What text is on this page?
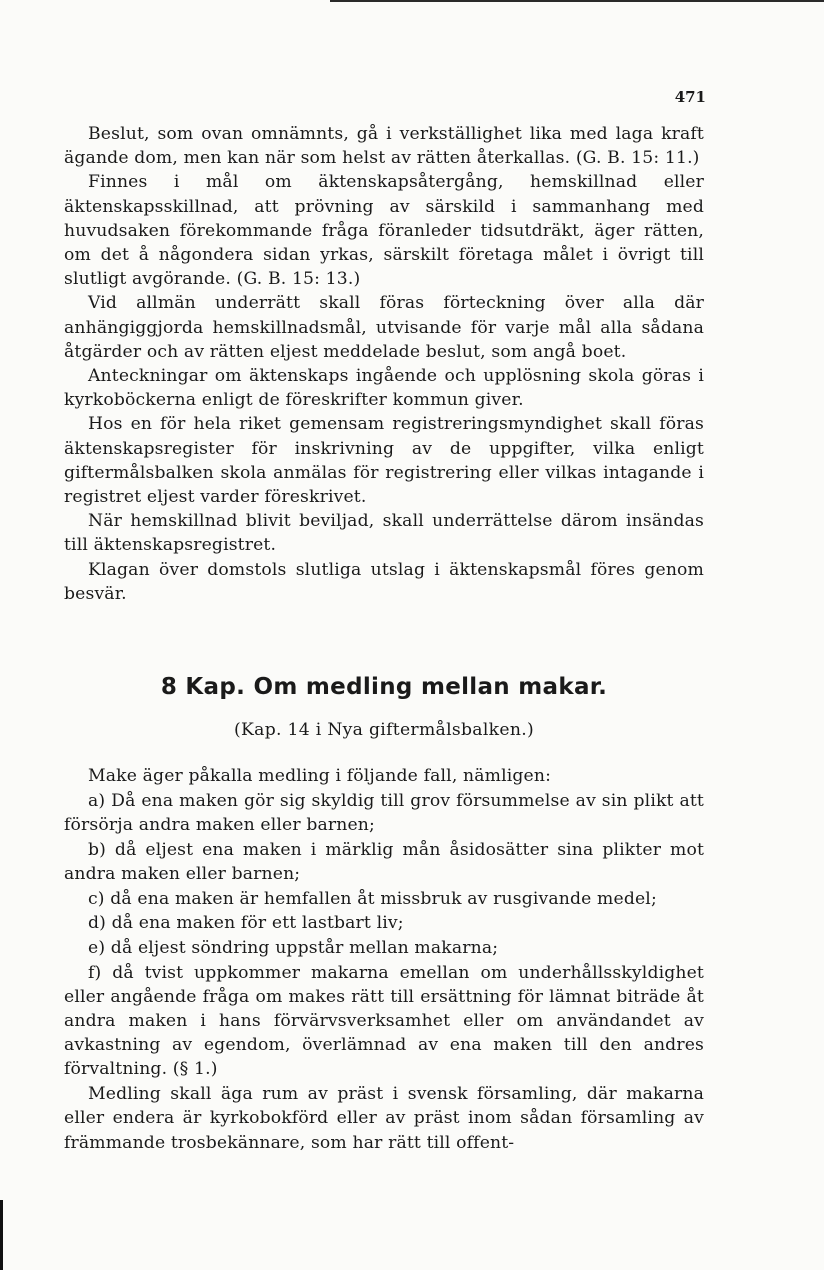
471

Beslut, som ovan omnämnts, gå i verkställighet lika med laga kraft ägande dom, men kan när som helst av rätten återkallas. (G. B. 15: 11.)

Finnes i mål om äktenskapsåtergång, hemskillnad eller äktenskapsskillnad, att prövning av särskild i sammanhang med huvudsaken förekommande fråga föranleder tidsutdräkt, äger rätten, om det å någondera sidan yrkas, särskilt företaga målet i övrigt till slutligt avgörande. (G. B. 15: 13.)

Vid allmän underrätt skall föras förteckning över alla där anhängiggjorda hemskillnadsmål, utvisande för varje mål alla sådana åtgärder och av rätten eljest meddelade beslut, som angå boet.

Anteckningar om äktenskaps ingående och upplösning skola göras i kyrkoböckerna enligt de föreskrifter kommun giver.

Hos en för hela riket gemensam registreringsmyndighet skall föras äktenskapsregister för inskrivning av de uppgifter, vilka enligt giftermålsbalken skola anmälas för registrering eller vilkas intagande i registret eljest varder föreskrivet.

När hemskillnad blivit beviljad, skall underrättelse därom insändas till äktenskapsregistret.

Klagan över domstols slutliga utslag i äktenskapsmål föres genom besvär.

8 Kap. Om medling mellan makar.
(Kap. 14 i Nya giftermålsbalken.)

Make äger påkalla medling i följande fall, nämligen:

a) Då ena maken gör sig skyldig till grov försummelse av sin plikt att försörja andra maken eller barnen;

b) då eljest ena maken i märklig mån åsidosätter sina plikter mot andra maken eller barnen;

c) då ena maken är hemfallen åt missbruk av rusgivande medel;

d) då ena maken för ett lastbart liv;

e) då eljest söndring uppstår mellan makarna;

f) då tvist uppkommer makarna emellan om underhållsskyldighet eller angående fråga om makes rätt till ersättning för lämnat biträde åt andra maken i hans förvärvsverksamhet eller om användandet av avkastning av egendom, överlämnad av ena maken till den andres förvaltning. (§ 1.)

Medling skall äga rum av präst i svensk församling, där makarna eller endera är kyrkobokförd eller av präst inom sådan församling av främmande trosbekännare, som har rätt till offent-
